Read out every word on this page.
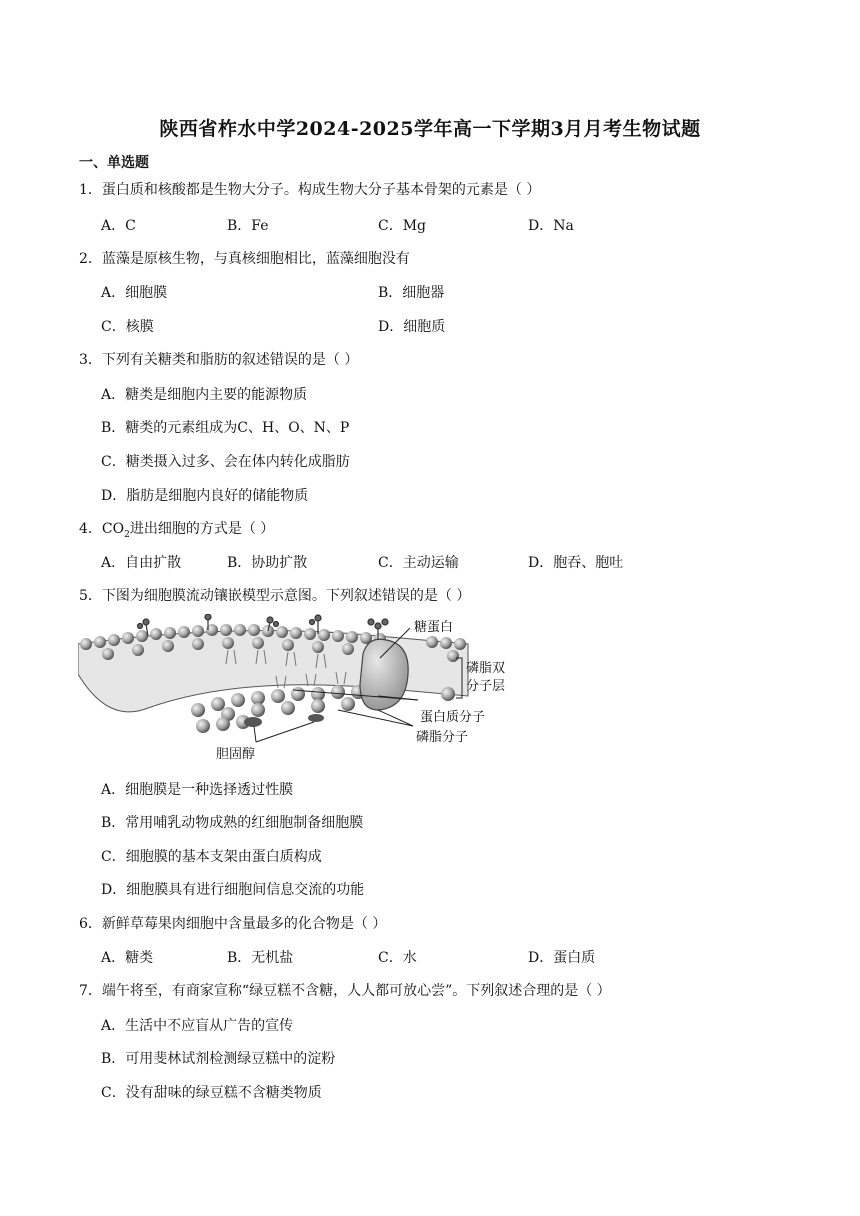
陕西省柞水中学2024-2025学年高一下学期3月月考生物试题
一、单选题
1．蛋白质和核酸都是生物大分子。构成生物大分子基本骨架的元素是（ ）
A．C	B．Fe	C．Mg	D．Na
2．蓝藻是原核生物，与真核细胞相比，蓝藻细胞没有
A．细胞膜	B．细胞器
C．核膜	D．细胞质
3．下列有关糖类和脂肪的叙述错误的是（ ）
A．糖类是细胞内主要的能源物质
B．糖类的元素组成为C、H、O、N、P
C．糖类摄入过多、会在体内转化成脂肪
D．脂肪是细胞内良好的储能物质
4．$CO_2$进出细胞的方式是（ ）
A．自由扩散	B．协助扩散	C．主动运输	D．胞吞、胞吐
5．下图为细胞膜流动镶嵌模型示意图。下列叙述错误的是（ ）
糖蛋白
磷脂双
分子层
蛋白质分子
磷脂分子
胆固醇
A．细胞膜是一种选择透过性膜
B．常用哺乳动物成熟的红细胞制备细胞膜
C．细胞膜的基本支架由蛋白质构成
D．细胞膜具有进行细胞间信息交流的功能
6．新鲜草莓果肉细胞中含量最多的化合物是（ ）
A．糖类	B．无机盐	C．水	D．蛋白质
7．端午将至，有商家宣称“绿豆糕不含糖，人人都可放心尝”。下列叙述合理的是（ ）
A．生活中不应盲从广告的宣传
B．可用斐林试剂检测绿豆糕中的淀粉
C．没有甜味的绿豆糕不含糖类物质
